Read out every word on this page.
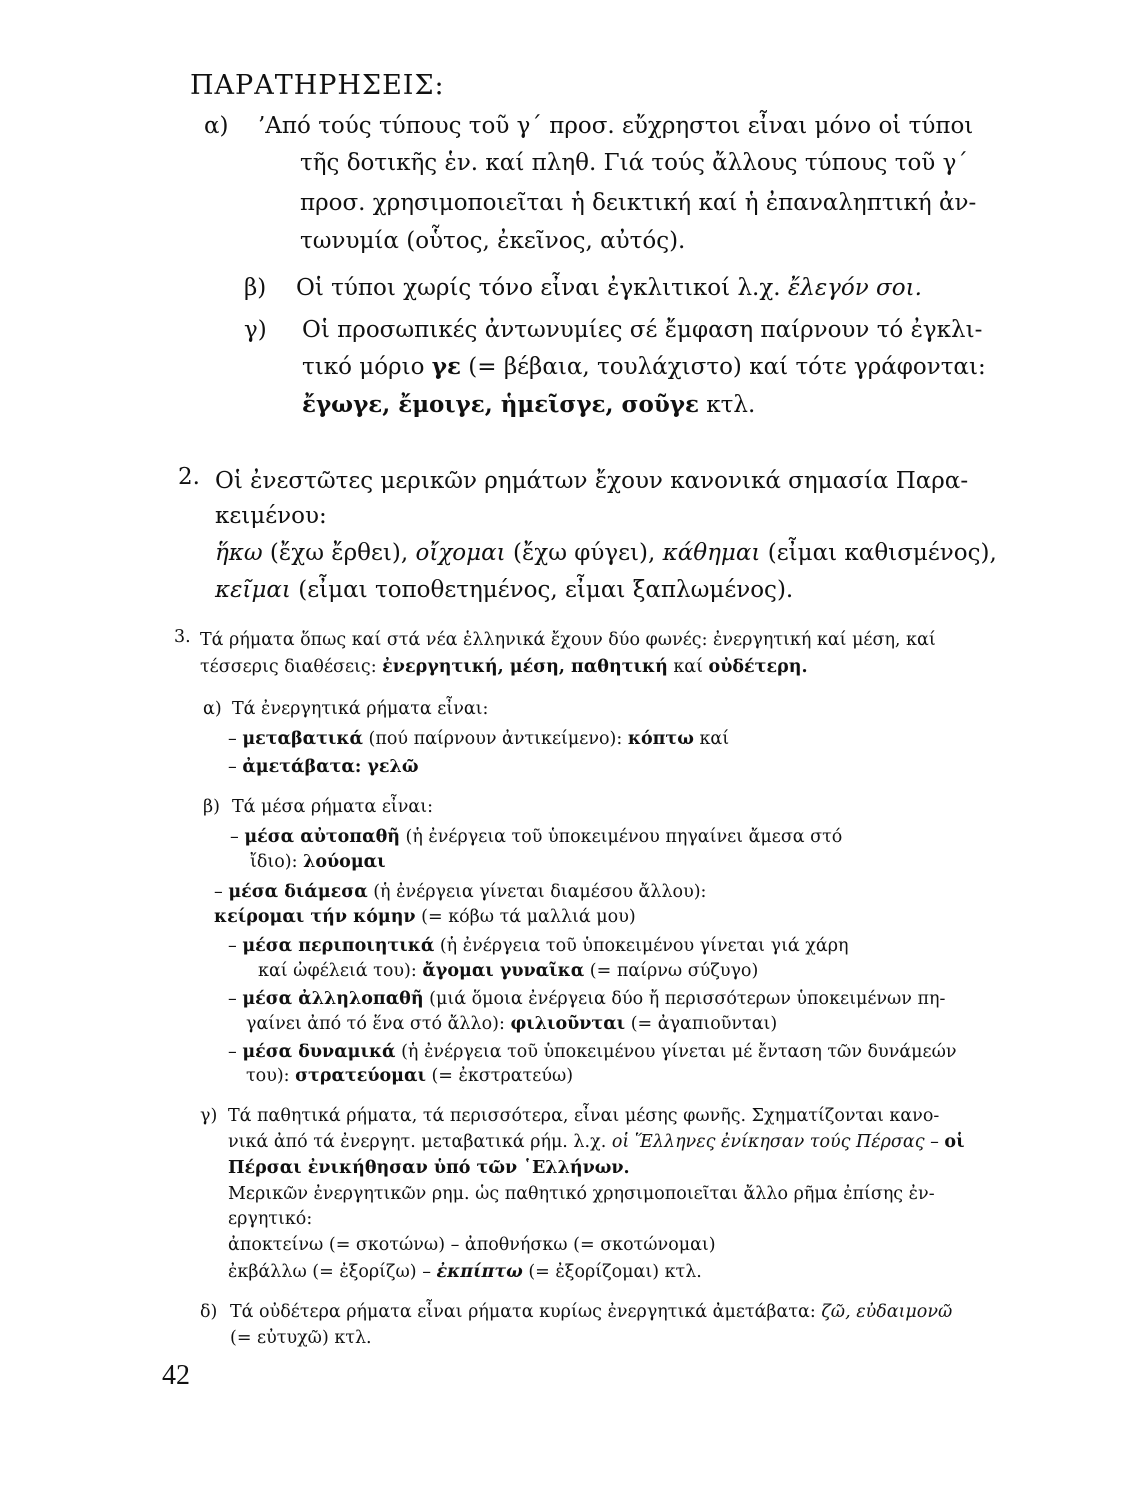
ΠΑΡΑΤΗΡΗΣΕΙΣ:
α) ’Από τούς τύπους τοῦ γ΄ προσ. εὔχρηστοι εἶναι μόνο οἱ τύποι
τῆς δοτικῆς ἑν. καί πληθ. Γιά τούς ἄλλους τύπους τοῦ γ΄
προσ. χρησιμοποιεῖται ἡ δεικτική καί ἡ ἐπαναληπτική ἀν-
τωνυμία (οὗτος, ἐκεῖνος, αὐτός).
β) Οἱ τύποι χωρίς τόνο εἶναι ἐγκλιτικοί λ.χ. ἔλεγόν σοι.
γ) Οἱ προσωπικές ἀντωνυμίες σέ ἔμφαση παίρνουν τό ἐγκλι-
τικό μόριο γε (= βέβαια, τουλάχιστο) καί τότε γράφονται:
ἔγωγε, ἔμοιγε, ἡμεῖσγε, σοῦγε κτλ.
2. Οἱ ἐνεστῶτες μερικῶν ρημάτων ἔχουν κανονικά σημασία Παρα-
κειμένου:
ἥκω (ἔχω ἔρθει), οἴχομαι (ἔχω φύγει), κάθημαι (εἶμαι καθισμένος),
κεῖμαι (εἶμαι τοποθετημένος, εἶμαι ξαπλωμένος).
3. Τά ρήματα ὅπως καί στά νέα ἑλληνικά ἔχουν δύο φωνές: ἐνεργητική καί μέση, καί
τέσσερις διαθέσεις: ἐνεργητική, μέση, παθητική καί οὐδέτερη.
α) Τά ἐνεργητικά ρήματα εἶναι:
– μεταβατικά (πού παίρνουν ἀντικείμενο): κόπτω καί
– ἀμετάβατα: γελῶ
β) Τά μέσα ρήματα εἶναι:
– μέσα αὐτοπαθῆ (ἡ ἐνέργεια τοῦ ὑποκειμένου πηγαίνει ἄμεσα στό
ἴδιο): λούομαι
– μέσα διάμεσα (ἡ ἐνέργεια γίνεται διαμέσου ἄλλου):
κείρομαι τήν κόμην (= κόβω τά μαλλιά μου)
– μέσα περιποιητικά (ἡ ἐνέργεια τοῦ ὑποκειμένου γίνεται γιά χάρη
καί ὠφέλειά του): ἄγομαι γυναῖκα (= παίρνω σύζυγο)
– μέσα ἀλληλοπαθῆ (μιά ὅμοια ἐνέργεια δύο ἤ περισσότερων ὑποκειμένων πη-
γαίνει ἀπό τό ἕνα στό ἄλλο): φιλιοῦνται (= ἀγαπιοῦνται)
– μέσα δυναμικά (ἡ ἐνέργεια τοῦ ὑποκειμένου γίνεται μέ ἔνταση τῶν δυνάμεών
του): στρατεύομαι (= ἐκστρατεύω)
γ) Τά παθητικά ρήματα, τά περισσότερα, εἶναι μέσης φωνῆς. Σχηματίζονται κανο-
νικά ἀπό τά ἐνεργητ. μεταβατικά ρήμ. λ.χ. οἱ Ἕλληνες ἐνίκησαν τούς Πέρσας – οἱ
Πέρσαι ἐνικήθησαν ὑπό τῶν ῾Ελλήνων.
Μερικῶν ἐνεργητικῶν ρημ. ὡς παθητικό χρησιμοποιεῖται ἄλλο ρῆμα ἐπίσης ἐν-
εργητικό:
ἀποκτείνω (= σκοτώνω) – ἀποθνήσκω (= σκοτώνομαι)
ἐκβάλλω (= ἐξορίζω) – ἐκπίπτω (= ἐξορίζομαι) κτλ.
δ) Τά οὐδέτερα ρήματα εἶναι ρήματα κυρίως ἐνεργητικά ἀμετάβατα: ζῶ, εὐδαιμονῶ
(= εὐτυχῶ) κτλ.
42
